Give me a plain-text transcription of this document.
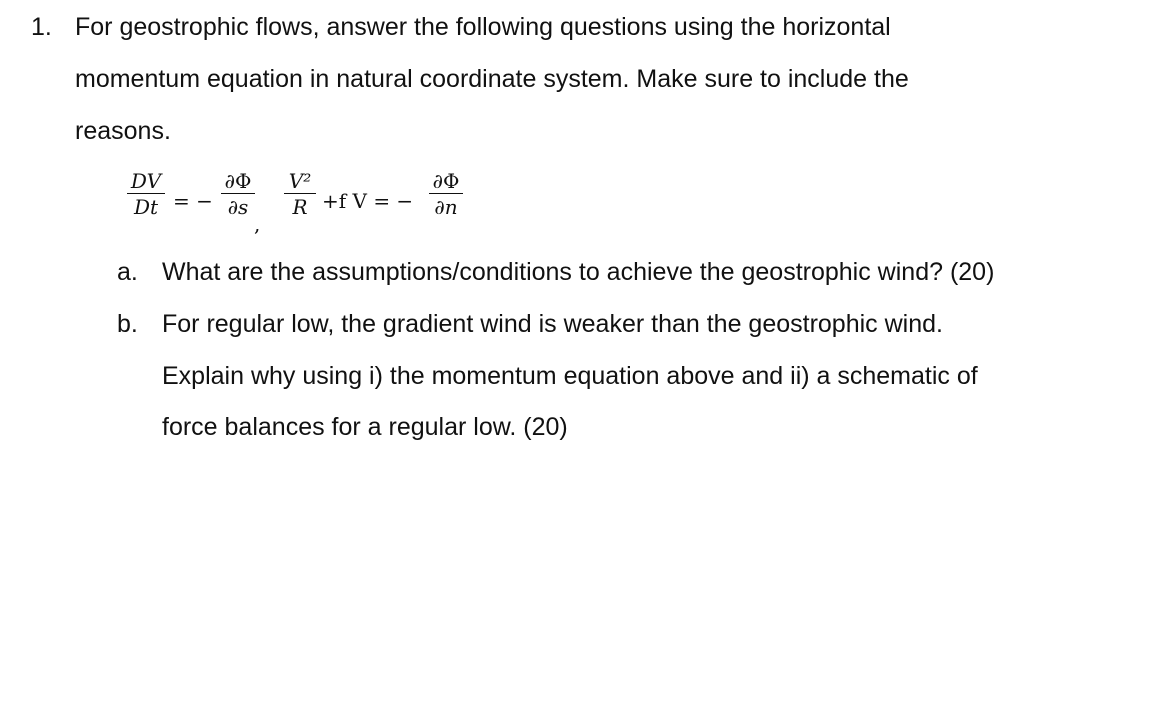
1. For geostrophic flows, answer the following questions using the horizontal
momentum equation in natural coordinate system. Make sure to include the
reasons.
DV
Dt = −
∂Φ
∂s
,
V²
R +f V = −
∂Φ
∂n
a. What are the assumptions/conditions to achieve the geostrophic wind? (20)
b. For regular low, the gradient wind is weaker than the geostrophic wind.
Explain why using i) the momentum equation above and ii) a schematic of
force balances for a regular low. (20)
